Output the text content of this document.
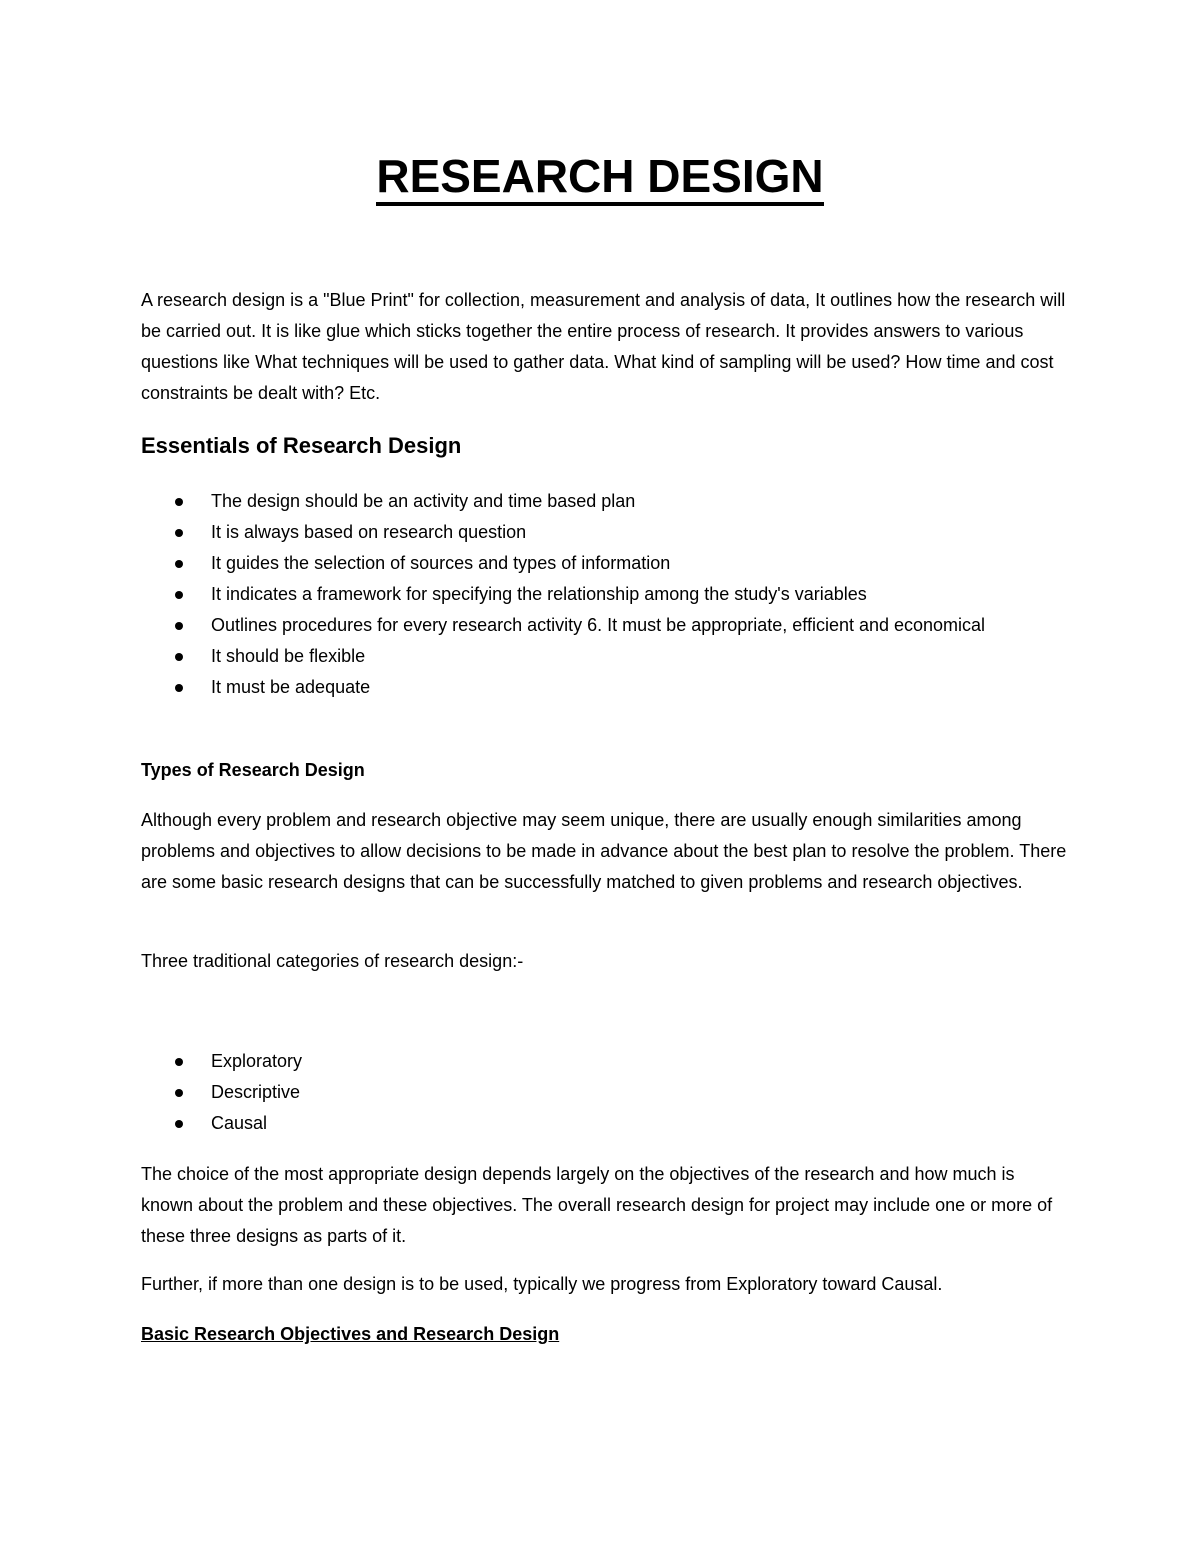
RESEARCH DESIGN

A research design is a "Blue Print" for collection, measurement and analysis of data, It outlines how the research will be carried out. It is like glue which sticks together the entire process of research. It provides answers to various questions like What techniques will be used to gather data. What kind of sampling will be used? How time and cost constraints be dealt with? Etc.

Essentials of Research Design
The design should be an activity and time based plan
It is always based on research question
It guides the selection of sources and types of information
It indicates a framework for specifying the relationship among the study's variables
Outlines procedures for every research activity 6. It must be appropriate, efficient and economical
It should be flexible
It must be adequate
Types of Research Design

Although every problem and research objective may seem unique, there are usually enough similarities among problems and objectives to allow decisions to be made in advance about the best plan to resolve the problem. There are some basic research designs that can be successfully matched to given problems and research objectives.

Three traditional categories of research design:-

Exploratory
Descriptive
Causal

The choice of the most appropriate design depends largely on the objectives of the research and how much is known about the problem and these objectives. The overall research design for project may include one or more of these three designs as parts of it.

Further, if more than one design is to be used, typically we progress from Exploratory toward Causal.

Basic Research Objectives and Research Design
